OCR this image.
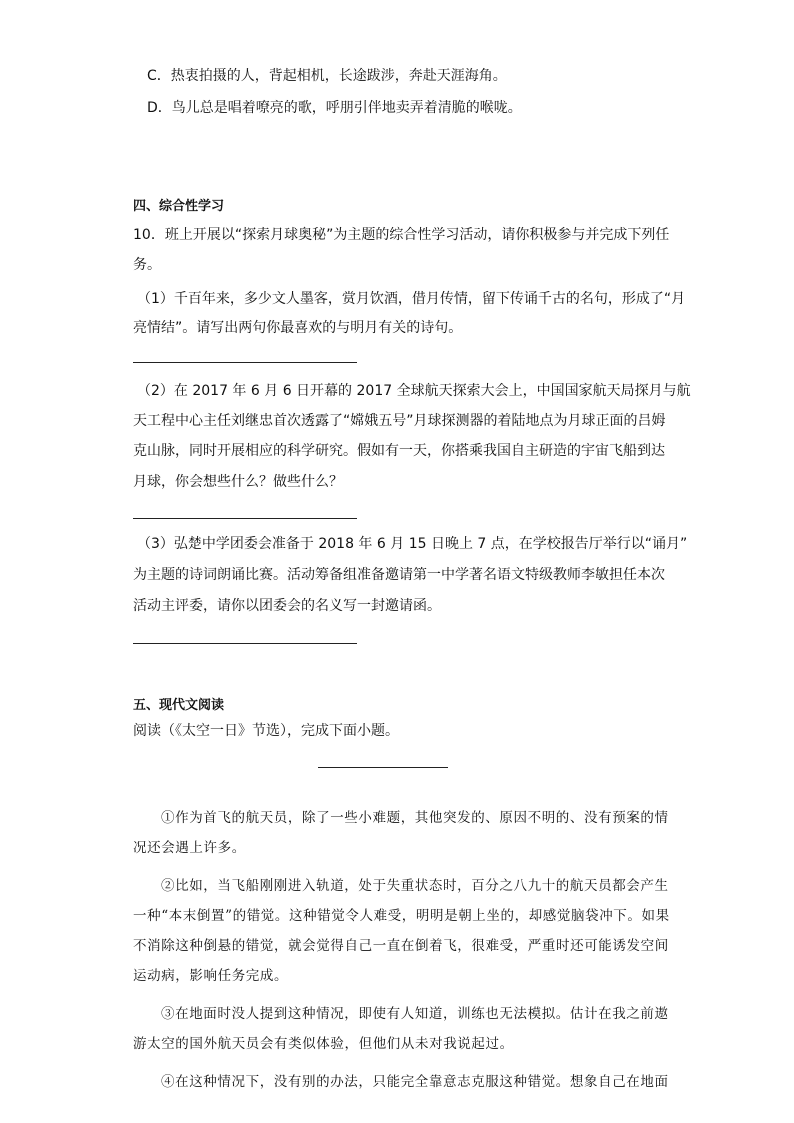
C．热衷拍摄的人，背起相机，长途跋涉，奔赴天涯海角。
D．鸟儿总是唱着嘹亮的歌，呼朋引伴地卖弄着清脆的喉咙。
四、综合性学习
10．班上开展以“探索月球奥秘”为主题的综合性学习活动，请你积极参与并完成下列任
务。
（1）千百年来，多少文人墨客，赏月饮酒，借月传情，留下传诵千古的名句，形成了“月
亮情结”。请写出两句你最喜欢的与明月有关的诗句。
（2）在 2017 年 6 月 6 日开幕的 2017 全球航天探索大会上，中国国家航天局探月与航
天工程中心主任刘继忠首次透露了“嫦娥五号”月球探测器的着陆地点为月球正面的吕姆
克山脉，同时开展相应的科学研究。假如有一天，你搭乘我国自主研造的宇宙飞船到达
月球，你会想些什么？做些什么？
（3）弘楚中学团委会准备于 2018 年 6 月 15 日晚上 7 点，在学校报告厅举行以“诵月”
为主题的诗词朗诵比赛。活动筹备组准备邀请第一中学著名语文特级教师李敏担任本次
活动主评委，请你以团委会的名义写一封邀请函。
五、现代文阅读
阅读（《太空一日》节选），完成下面小题。
①作为首飞的航天员，除了一些小难题，其他突发的、原因不明的、没有预案的情
况还会遇上许多。
②比如，当飞船刚刚进入轨道，处于失重状态时，百分之八九十的航天员都会产生
一种“本末倒置”的错觉。这种错觉令人难受，明明是朝上坐的，却感觉脑袋冲下。如果
不消除这种倒悬的错觉，就会觉得自己一直在倒着飞，很难受，严重时还可能诱发空间
运动病，影响任务完成。
③在地面时没人提到这种情况，即使有人知道，训练也无法模拟。估计在我之前遨
游太空的国外航天员会有类似体验，但他们从未对我说起过。
④在这种情况下，没有别的办法，只能完全靠意志克服这种错觉。想象自己在地面
